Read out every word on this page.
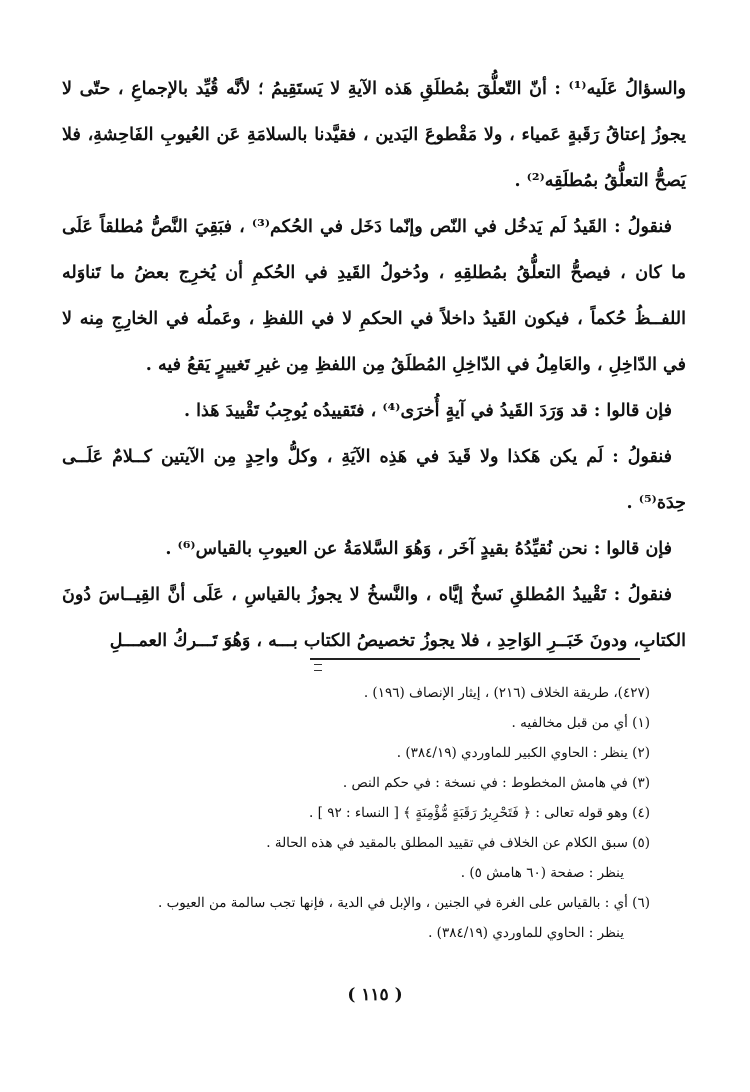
والسؤالُ عَلَيه⁽¹⁾ : أنّ التّعلُّقَ بمُطلَقِ هَذه الآيةِ لا يَستَقِيمُ ؛ لأنَّه قُيِّد بالإجماعِ ، حتّى لا يجوزُ إعتاقُ رَقَبةٍ عَمياء ، ولا مَقْطوعَ اليَدين ، فقيَّدنا بالسلامَةِ عَن العُيوبِ الفَاحِشةِ، فلا يَصحُّ التعلُّقُ بمُطلَقِه⁽²⁾ .

فنقولُ : القَيدُ لَم يَدخُل في النّص وإنّما دَخَل في الحُكم⁽³⁾ ، فبَقِيَ النَّصُّ مُطلقاً عَلَى ما كان ، فيصحُّ التعلُّقُ بمُطلقِهِ ، ودُخولُ القَيدِ في الحُكمِ أن يُخرِج بعضُ ما تَناوَله اللفــظُ حُكماً ، فيكون القَيدُ داخلاً في الحكمِ لا في اللفظِ ، وعَملُه في الخارِجِ مِنه لا في الدّاخِلِ ، والعَامِلُ في الدّاخِلِ المُطلَقُ مِن اللفظِ مِن غيرِ تَغييرٍ يَقعُ فيه .

فإن قالوا : قد وَرَدَ القَيدُ في آيةٍ أُخرَى⁽⁴⁾ ، فتَقييدُه يُوجِبُ تَقْييدَ هَذا .

فنقولُ : لَم يكن هَكذا ولا قَيدَ في هَذِه الآيَةِ ، وكلُّ واحِدٍ مِن الآيتين كــلامٌ عَلَــى حِدَة⁽⁵⁾ .

فإن قالوا : نحن نُقيِّدُهُ بقيدٍ آخَر ، وَهُوَ السَّلامَةُ عن العيوبِ بالقياس⁽⁶⁾ .

فنقولُ : تَقْييدُ المُطلقِ نَسخٌ إيَّاه ، والنَّسخُ لا يجوزُ بالقياسِ ، عَلَى أنَّ القِيــاسَ دُونَ الكتابِ، ودونَ خَبَــرِ الوَاحِدِ ، فلا يجوزُ تخصيصُ الكتاب بـــه ، وَهُوَ تَـــركُ العمـــلِ

(٤٢٧)، طريقة الخلاف (٢١٦) ، إيثار الإنصاف (١٩٦) .

(١) أي من قبل مخالفيه .

(٢) ينظر : الحاوي الكبير للماوردي (٣٨٤/١٩) .

(٣) في هامش المخطوط : في نسخة : في حكم النص .

(٤) وهو قوله تعالى : ﴿ فَتَحْرِيرُ رَقَبَةٍ مُّؤْمِنَةٍ ﴾ [ النساء : ٩٢ ] .

(٥) سبق الكلام عن الخلاف في تقييد المطلق بالمقيد في هذه الحالة .

ينظر : صفحة (٦٠ هامش ٥) .

(٦) أي : بالقياس على الغرة في الجنين ، والإبل في الدية ، فإنها تجب سالمة من العيوب .

ينظر : الحاوي للماوردي (٣٨٤/١٩) .

( ١١٥ )
